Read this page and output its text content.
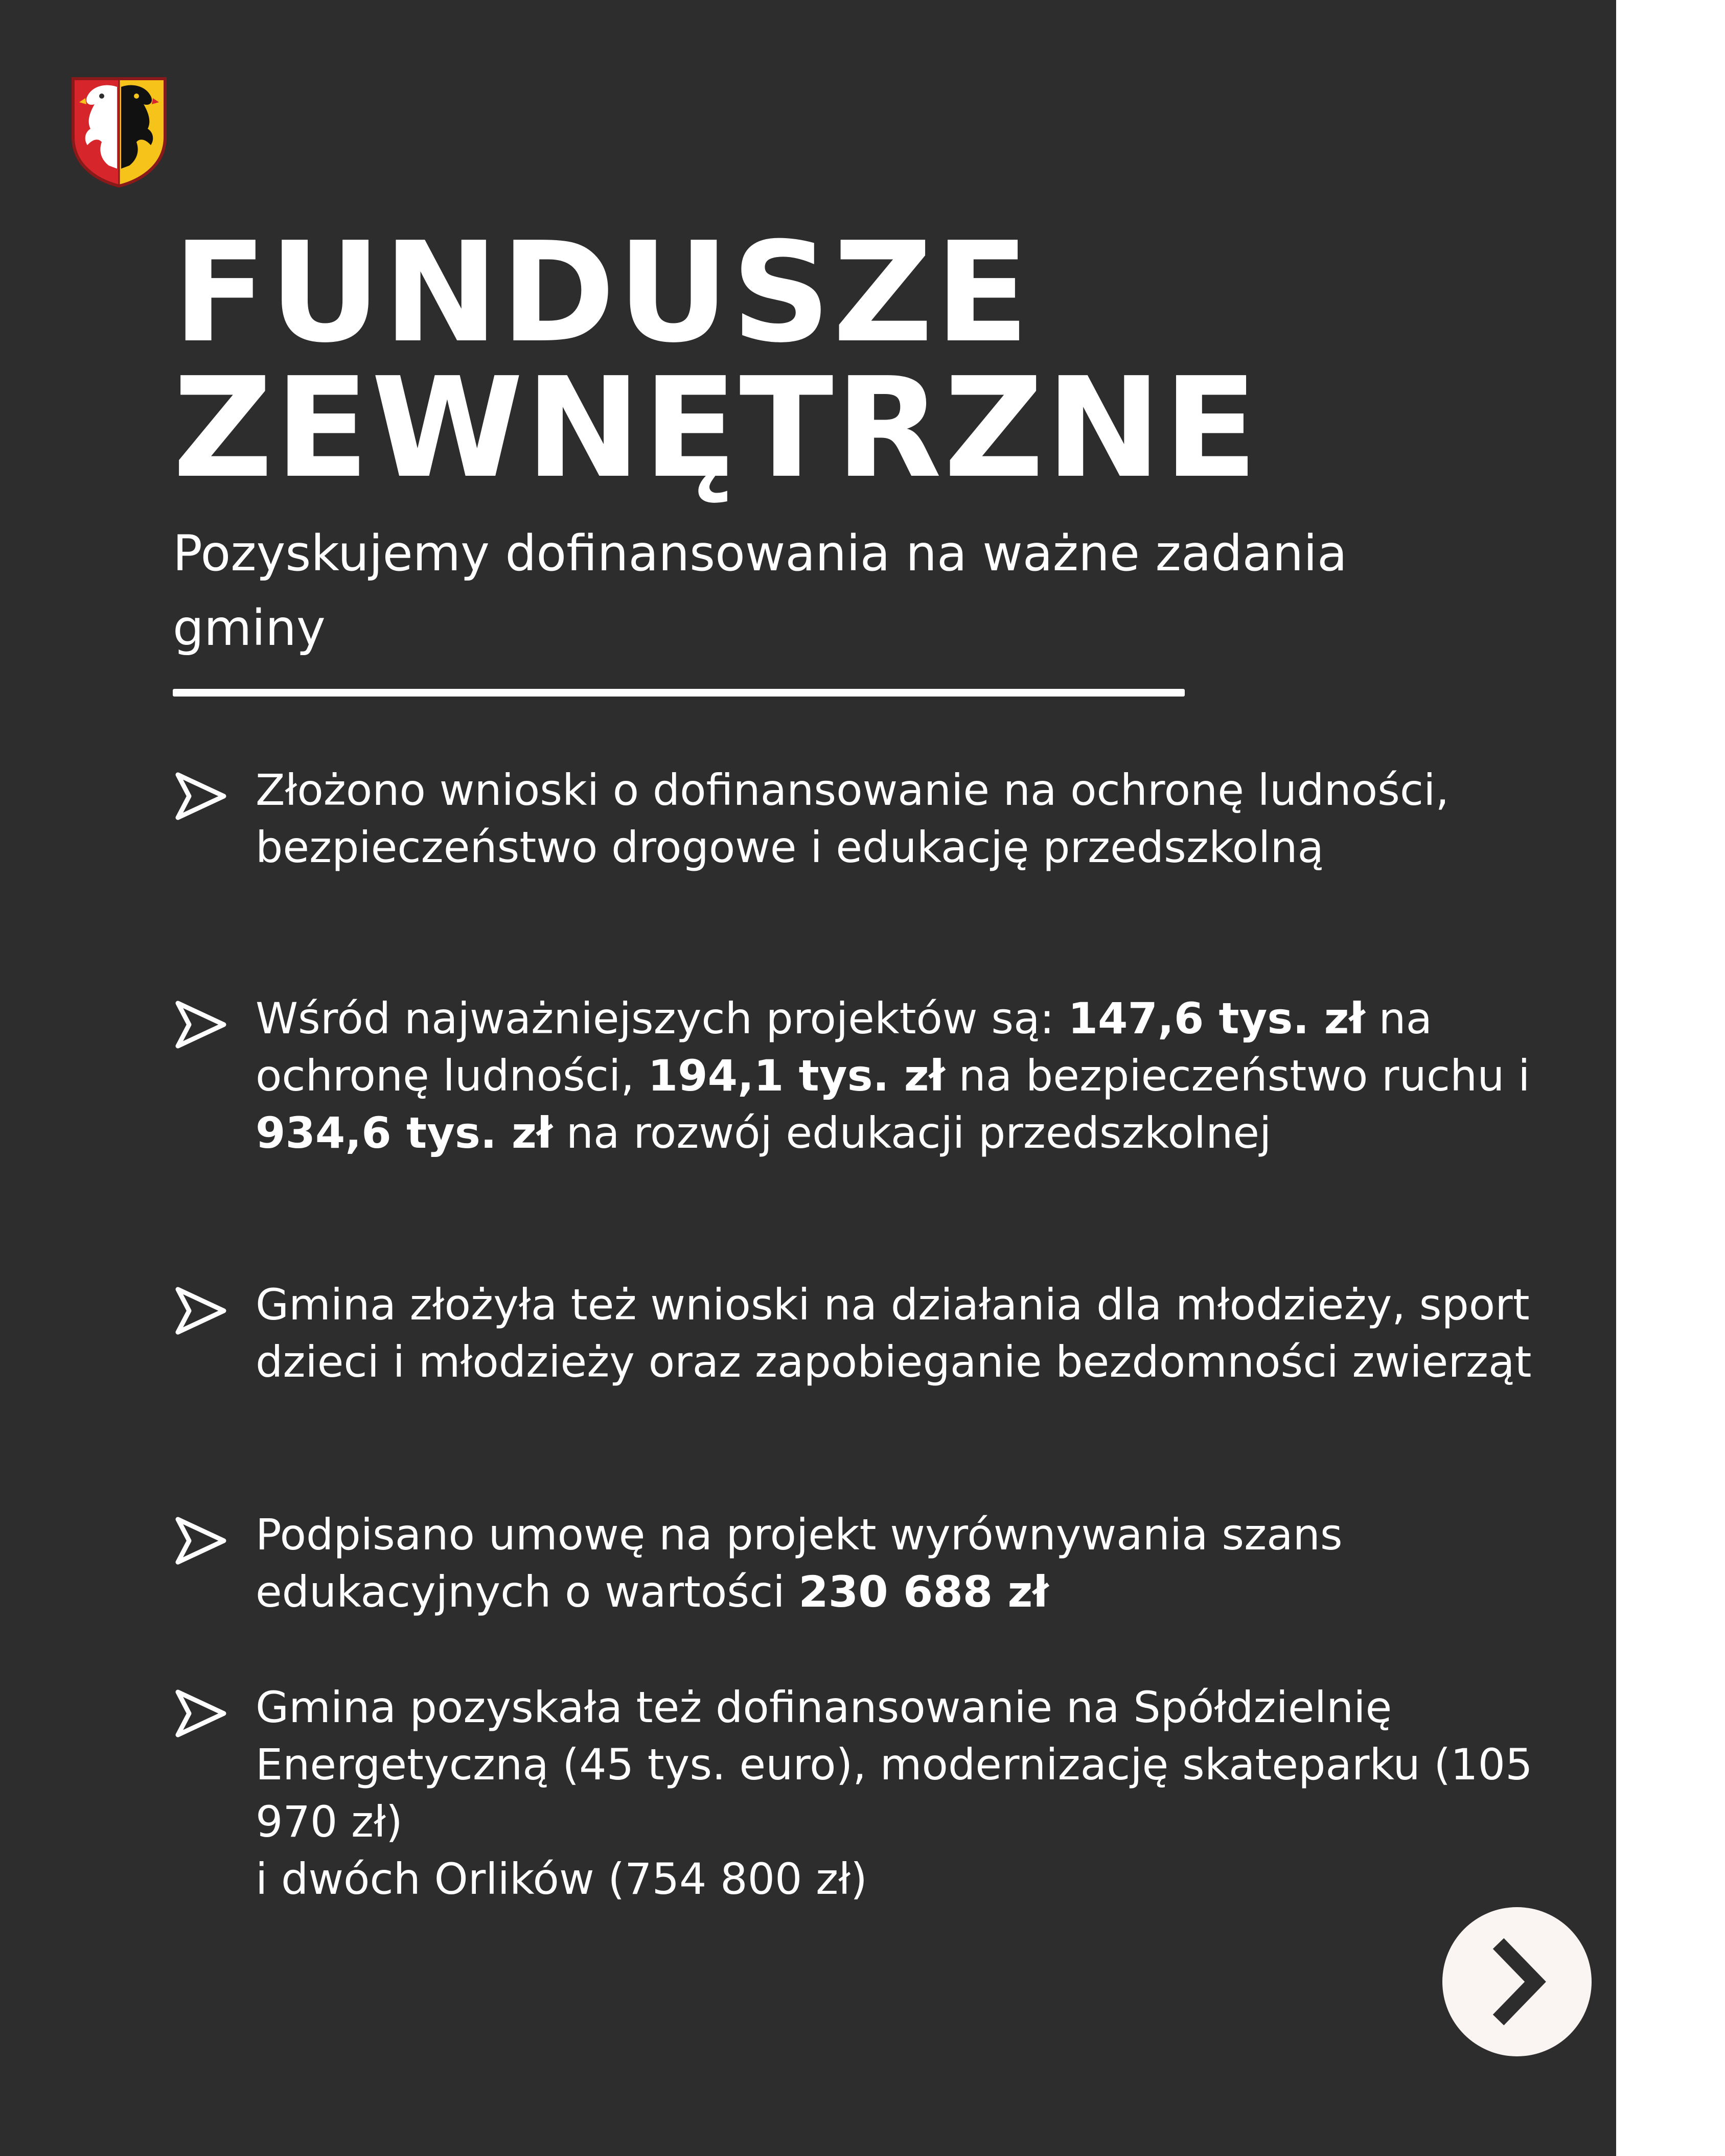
FUNDUSZE
ZEWNĘTRZNE

Pozyskujemy dofinansowania na ważne zadania gminy

Złożono wnioski o dofinansowanie na ochronę ludności, bezpieczeństwo drogowe i edukację przedszkolną
Wśród najważniejszych projektów są: 147,6 tys. zł na ochronę ludności, 194,1 tys. zł na bezpieczeństwo ruchu i 934,6 tys. zł na rozwój edukacji przedszkolnej
Gmina złożyła też wnioski na działania dla młodzieży, sport dzieci i młodzieży oraz zapobieganie bezdomności zwierząt
Podpisano umowę na projekt wyrównywania szans edukacyjnych o wartości 230 688 zł
Gmina pozyskała też dofinansowanie na Spółdzielnię Energetyczną (45 tys. euro), modernizację skateparku (105 970 zł)
i dwóch Orlików (754 800 zł)
